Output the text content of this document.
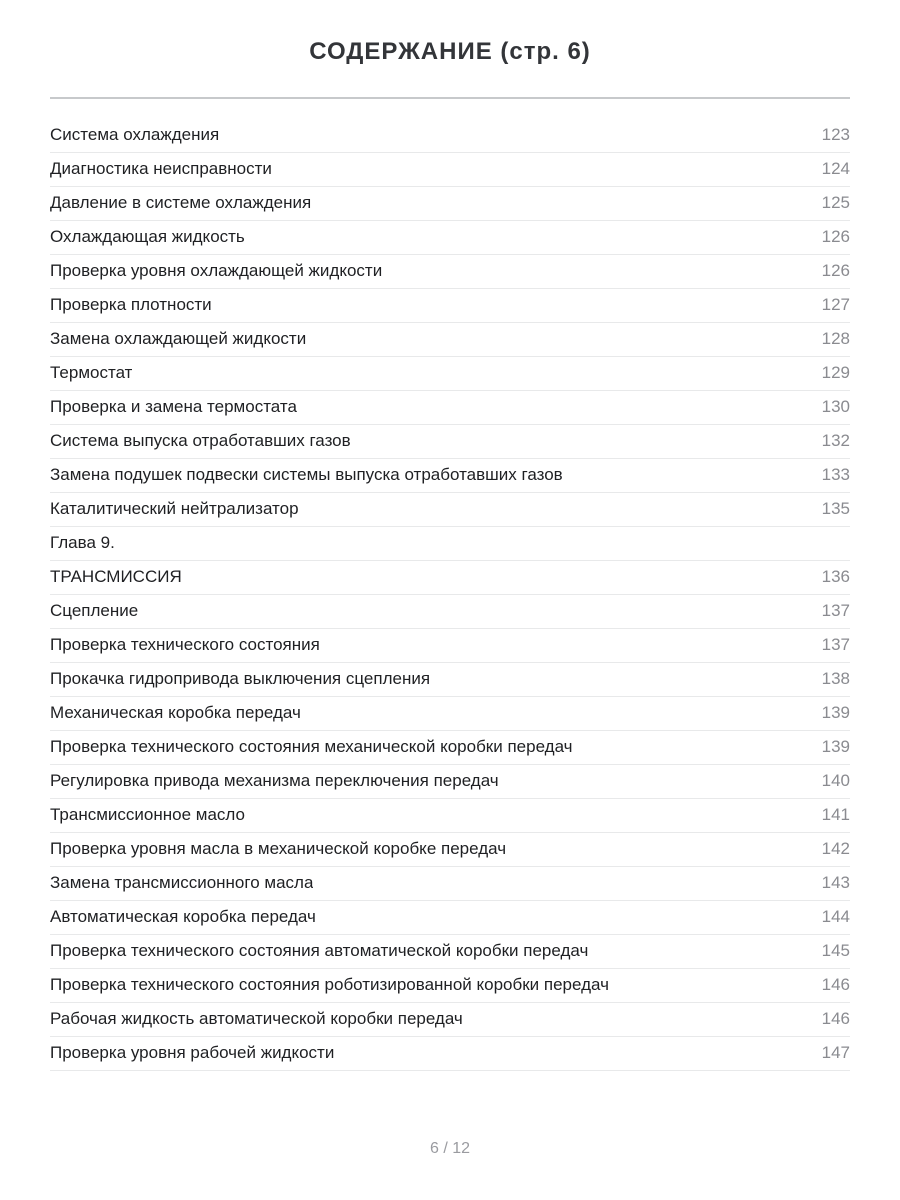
СОДЕРЖАНИЕ (стр. 6)
Система охлаждения	123
Диагностика неисправности	124
Давление в системе охлаждения	125
Охлаждающая жидкость	126
Проверка уровня охлаждающей жидкости	126
Проверка плотности	127
Замена охлаждающей жидкости	128
Термостат	129
Проверка и замена термостата	130
Система выпуска отработавших газов	132
Замена подушек подвески системы выпуска отработавших газов	133
Каталитический нейтрализатор	135
Глава 9.
ТРАНСМИССИЯ	136
Сцепление	137
Проверка технического состояния	137
Прокачка гидропривода выключения сцепления	138
Механическая коробка передач	139
Проверка технического состояния механической коробки передач	139
Регулировка привода механизма переключения передач	140
Трансмиссионное масло	141
Проверка уровня масла в механической коробке передач	142
Замена трансмиссионного масла	143
Автоматическая коробка передач	144
Проверка технического состояния автоматической коробки передач	145
Проверка технического состояния роботизированной коробки передач	146
Рабочая жидкость автоматической коробки передач	146
Проверка уровня рабочей жидкости	147
6 / 12
